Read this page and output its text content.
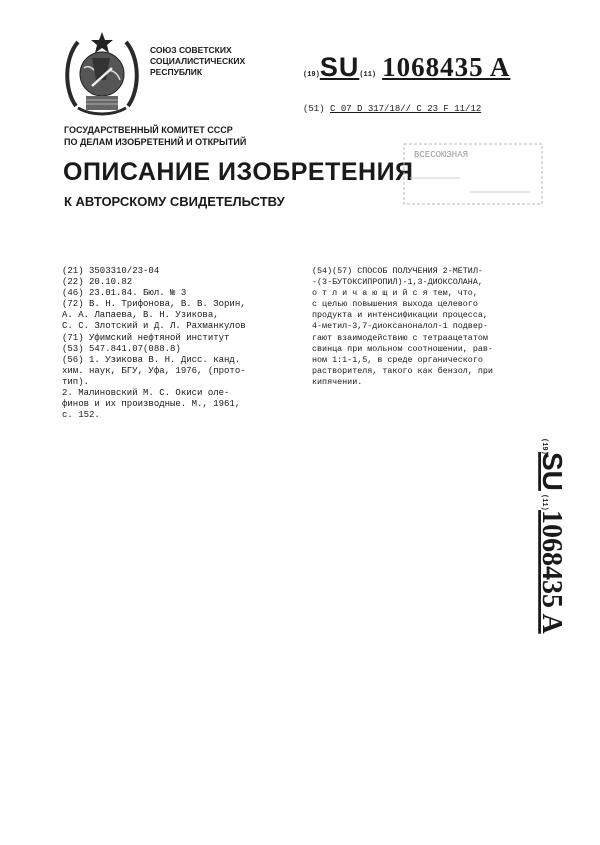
СОЮЗ СОВЕТСКИХ
СОЦИАЛИСТИЧЕСКИХ
РЕСПУБЛИК	(19)SU(11) 1068435 A
(51) C 07 D 317/18// C 23 F 11/12
ГОСУДАРСТВЕННЫЙ КОМИТЕТ СССР
ПО ДЕЛАМ ИЗОБРЕТЕНИЙ И ОТКРЫТИЙ
ОПИСАНИЕ ИЗОБРЕТЕНИЯ
К АВТОРСКОМУ СВИДЕТЕЛЬСТВУ
ВСЕСОЮЗНАЯ
(21) 3503310/23-04
(22) 20.10.82
(46) 23.01.84. Бюл. № 3
(72) В. Н. Трифонова, В. В. Зорин,
А. А. Лапаева, В. Н. Узикова,
С. С. Злотский и Д. Л. Рахманкулов
(71) Уфимский нефтяной институт
(53) 547.841.07(088.8)
(56) 1. Узикова В. Н. Дисс. канд.
хим. наук, БГУ, Уфа, 1976, (прото-
тип).
2. Малиновский М. С. Окиси оле-
финов и их производные. М., 1961,
с. 152.
(54)(57) СПОСОБ ПОЛУЧЕНИЯ 2-МЕТИЛ-
-(3-БУТОКСИПРОПИЛ)-1,3-ДИОКСОЛАНА,
о т л и ч а ю щ и й с я тем, что,
с целью повышения выхода целевого
продукта и интенсификации процесса,
4-метил-3,7-диоксаноналол-1 подвер-
гают взаимодействию с тетраацетатом
свинца при мольном соотношении, рав-
ном 1:1-1,5, в среде органического
растворителя, такого как бензол, при
кипячении.
(19)
SU
(11)
1068435 A
